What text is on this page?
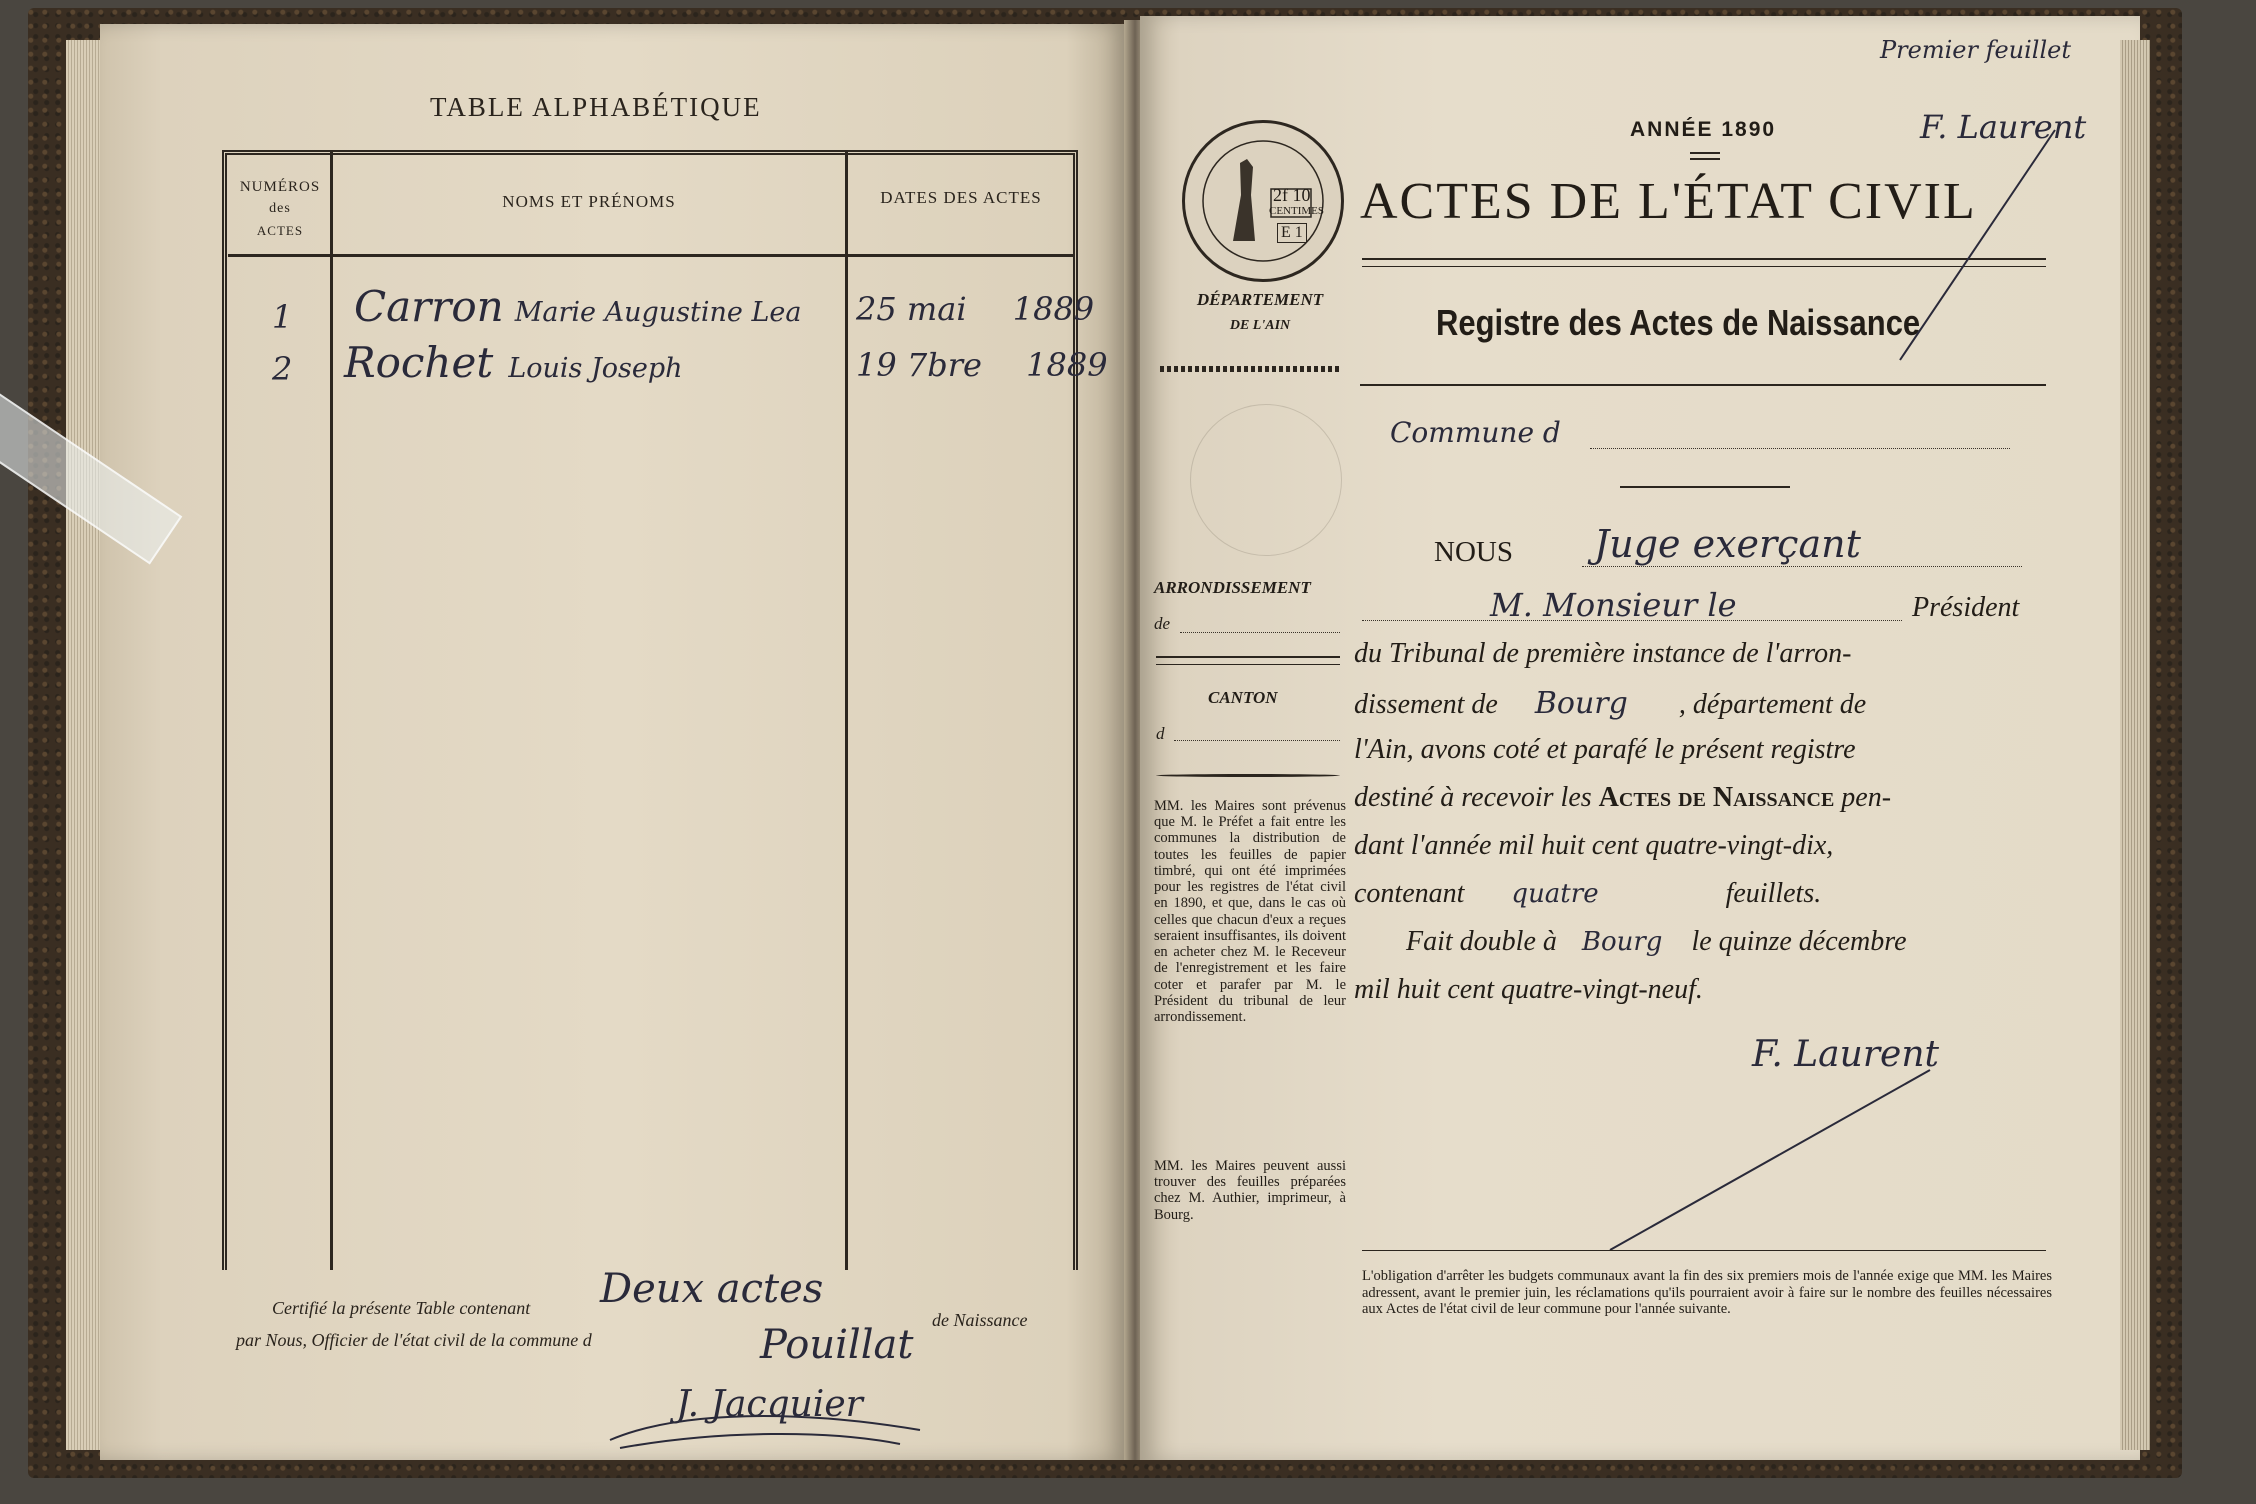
TABLE ALPHABÉTIQUE
NUMÉROS
des
ACTES
NOMS ET PRÉNOMS	DATES DES ACTES
1 Carron Marie Augustine Lea 25 mai 1889
2 Rochet Louis Joseph	19 7bre 1889
Certifié la présente Table contenant Deux actes
de Naissance
par Nous, Officier de l'état civil de la commune d	Pouillat
J. Jacquier
2f 10
CENTIMES
E 1
Premier feuillet
F. Laurent
ANNÉE 1890
ACTES DE L'ÉTAT CIVIL
DÉPARTEMENT
DE L'AIN	Registre des Actes de Naissance
Commune d
ARRONDISSEMENT
de
CANTON
d
MM. les Maires sont prévenus que M. le Préfet a fait entre les communes la distribution de toutes les feuilles de papier timbré, qui ont été imprimées pour les registres de l'état civil en 1890, et que, dans le cas où celles que chacun d'eux a reçues seraient insuffisantes, ils doivent en acheter chez M. le Receveur de l'enregistrement et les faire coter et parafer par M. le Président du tribunal de leur arrondissement.
MM. les Maires peuvent aussi trouver des feuilles préparées chez M. Authier, imprimeur, à Bourg.
NOUS Juge exerçant
M. Monsieur le	Président
du Tribunal de première instance de l'arron-
dissement de Bourg , département de
l'Ain, avons coté et parafé le présent registre
destiné à recevoir les Actes de Naissance pen-
dant l'année mil huit cent quatre-vingt-dix,
contenant quatre	feuillets.
Fait double à Bourg le quinze décembre
mil huit cent quatre-vingt-neuf.
F. Laurent
L'obligation d'arrêter les budgets communaux avant la fin des six premiers mois de l'année exige que MM. les Maires adressent, avant le premier juin, les réclamations qu'ils pourraient avoir à faire sur le nombre des feuilles nécessaires aux Actes de l'état civil de leur commune pour l'année suivante.
